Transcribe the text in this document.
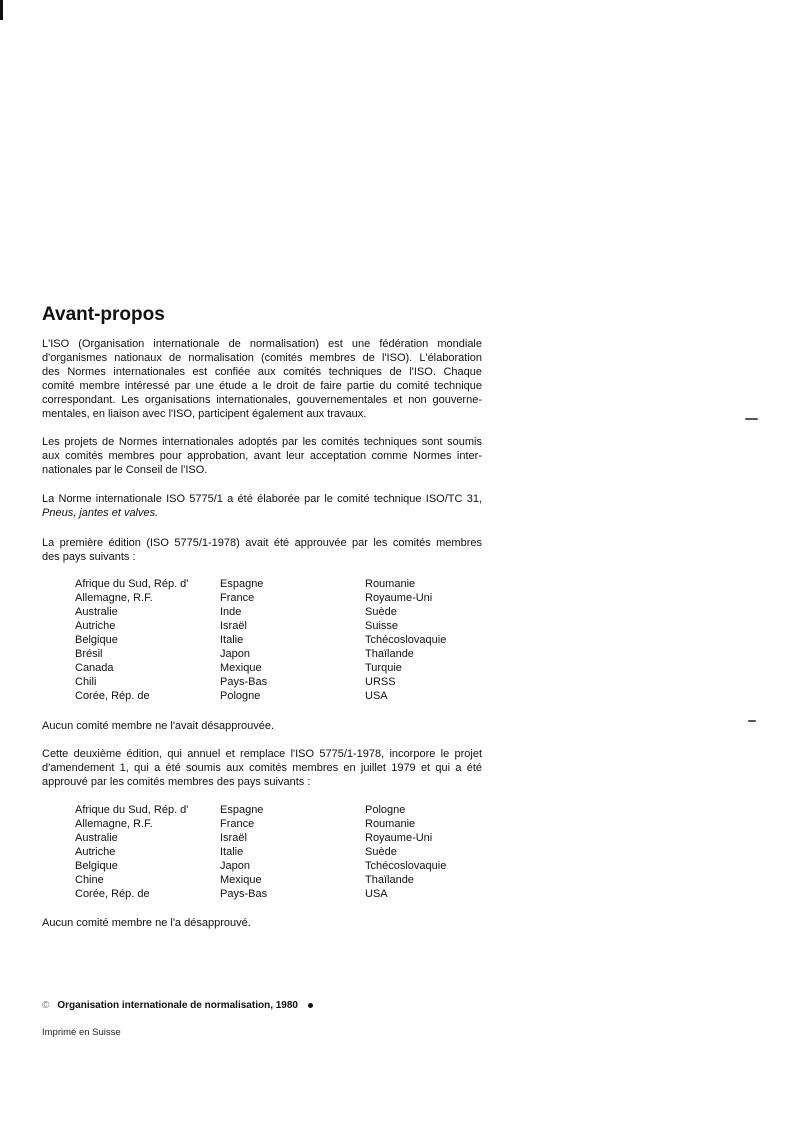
Avant-propos

L'ISO (Organisation internationale de normalisation) est une fédération mondiale
d'organismes nationaux de normalisation (comités membres de l'ISO). L'élaboration
des Normes internationales est confiée aux comités techniques de l'ISO. Chaque
comité membre intéressé par une étude a le droit de faire partie du comité technique
correspondant. Les organisations internationales, gouvernementales et non gouverne-
mentales, en liaison avec l'ISO, participent également aux travaux.

Les projets de Normes internationales adoptés par les comités techniques sont soumis
aux comités membres pour approbation, avant leur acceptation comme Normes inter-
nationales par le Conseil de l'ISO.

La Norme internationale ISO 5775/1 a été élaborée par le comité technique ISO/TC 31,
Pneus, jantes et valves.

La première édition (ISO 5775/1-1978) avait été approuvée par les comités membres
des pays suivants :

Afrique du Sud, Rép. d'	Espagne	Roumanie
Allemagne, R.F.	France	Royaume-Uni
Australie	Inde	Suède
Autriche	Israël	Suisse
Belgique	Italie	Tchécoslovaquie
Brésil	Japon	Thaïlande
Canada	Mexique	Turquie
Chili	Pays-Bas	URSS
Corée, Rép. de	Pologne	USA

Aucun comité membre ne l'avait désapprouvée.

Cette deuxième édition, qui annuel et remplace l'ISO 5775/1-1978, incorpore le projet
d'amendement 1, qui a été soumis aux comités membres en juillet 1979 et qui a été
approuvé par les comités membres des pays suivants :

Afrique du Sud, Rép. d'	Espagne	Pologne
Allemagne, R.F.	France	Roumanie
Australie	Israël	Royaume-Uni
Autriche	Italie	Suède
Belgique	Japon	Tchécoslovaquie
Chine	Mexique	Thaïlande
Corée, Rép. de	Pays-Bas	USA

Aucun comité membre ne l'a désapprouvé.

© Organisation internationale de normalisation, 1980
Imprimé en Suisse
